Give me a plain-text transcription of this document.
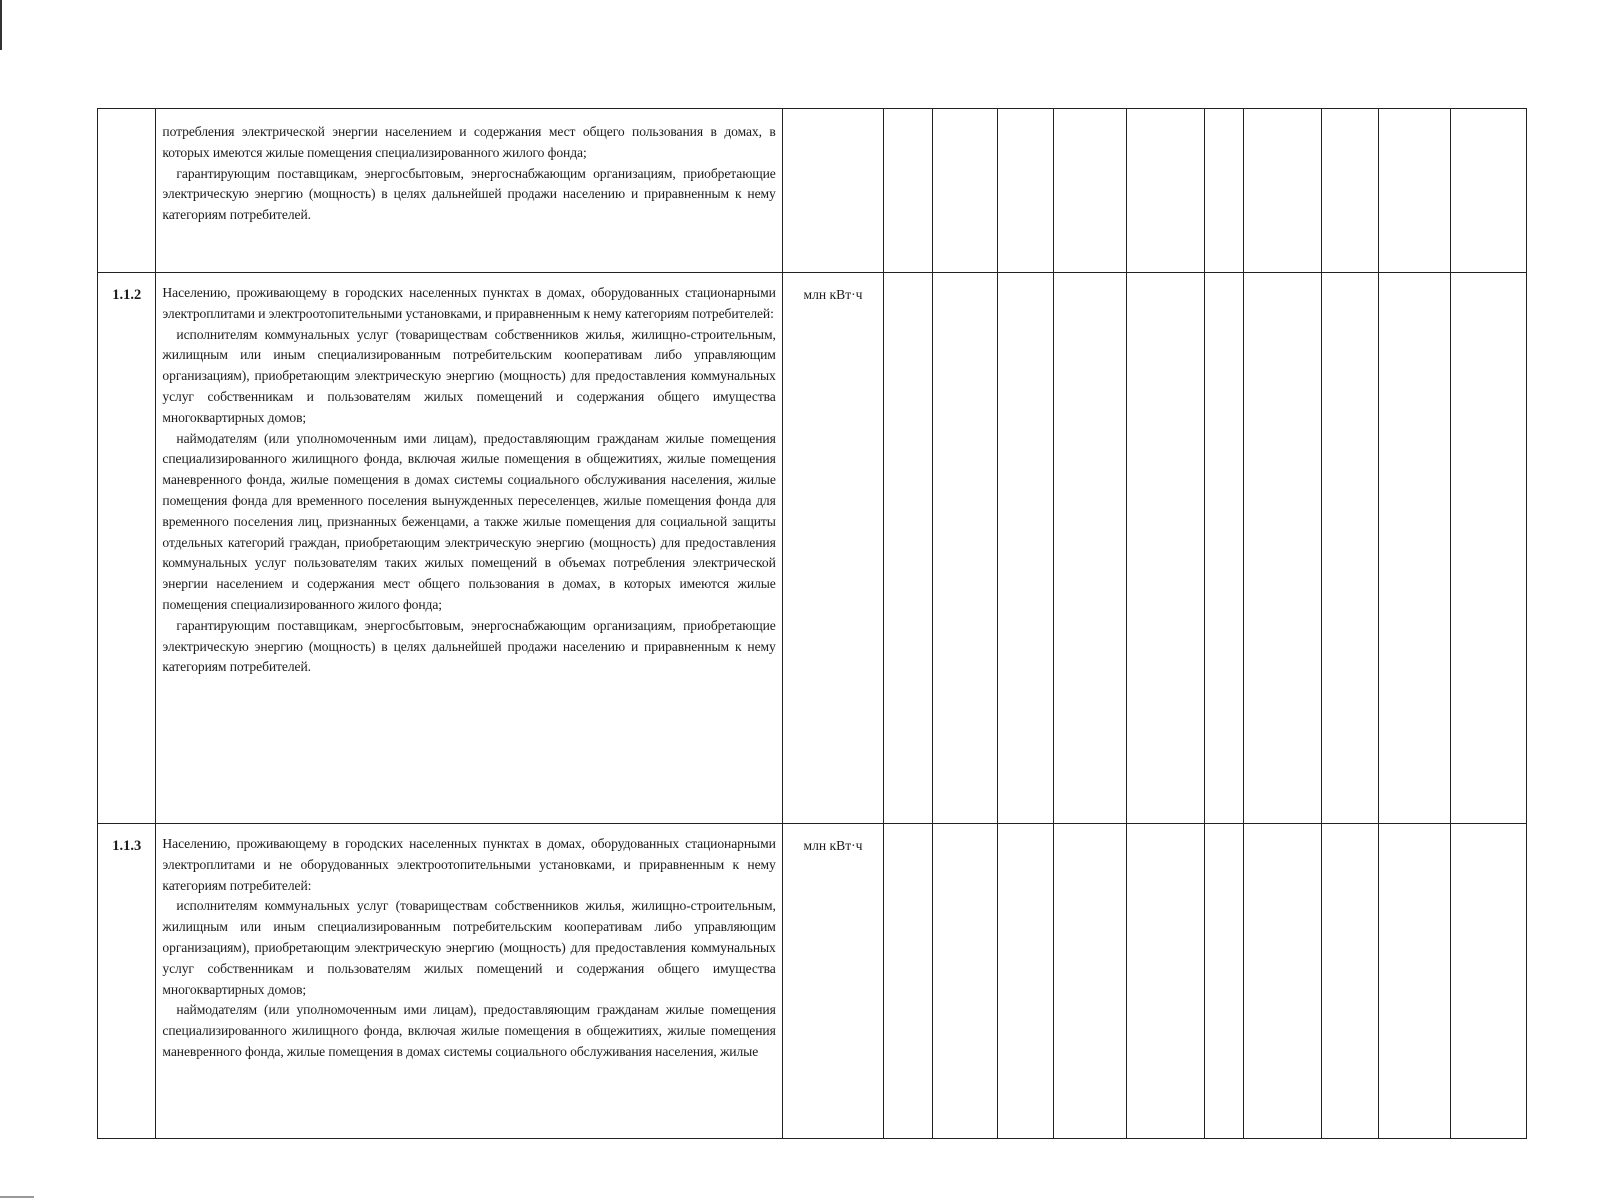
	потребления электрической энергии населением и содержания мест общего пользования в домах, в которых имеются жилые помещения специализированного жилого фонда;

гарантирующим поставщикам, энергосбытовым, энергоснабжающим организациям, приобретающие электрическую энергию (мощность) в целях дальнейшей продажи населению и приравненным к нему категориям потребителей.											

1.1.2	Населению, проживающему в городских населенных пунктах в домах, оборудованных стационарными электроплитами и электроотопительными установками, и приравненным к нему категориям потребителей:

исполнителям коммунальных услуг (товариществам собственников жилья, жилищно-строительным, жилищным или иным специализированным потребительским кооперативам либо управляющим организациям), приобретающим электрическую энергию (мощность) для предоставления коммунальных услуг собственникам и пользователям жилых помещений и содержания общего имущества многоквартирных домов;

наймодателям (или уполномоченным ими лицам), предоставляющим гражданам жилые помещения специализированного жилищного фонда, включая жилые помещения в общежитиях, жилые помещения маневренного фонда, жилые помещения в домах системы социального обслуживания населения, жилые помещения фонда для временного поселения вынужденных переселенцев, жилые помещения фонда для временного поселения лиц, признанных беженцами, а также жилые помещения для социальной защиты отдельных категорий граждан, приобретающим электрическую энергию (мощность) для предоставления коммунальных услуг пользователям таких жилых помещений в объемах потребления электрической энергии населением и содержания мест общего пользования в домах, в которых имеются жилые помещения специализированного жилого фонда;

гарантирующим поставщикам, энергосбытовым, энергоснабжающим организациям, приобретающие электрическую энергию (мощность) в целях дальнейшей продажи населению и приравненным к нему категориям потребителей.	млн кВт·ч										
1.1.3	Населению, проживающему в городских населенных пунктах в домах, оборудованных стационарными электроплитами и не оборудованных электроотопительными установками, и приравненным к нему категориям потребителей:

исполнителям коммунальных услуг (товариществам собственников жилья, жилищно-строительным, жилищным или иным специализированным потребительским кооперативам либо управляющим организациям), приобретающим электрическую энергию (мощность) для предоставления коммунальных услуг собственникам и пользователям жилых помещений и содержания общего имущества многоквартирных домов;

наймодателям (или уполномоченным ими лицам), предоставляющим гражданам жилые помещения специализированного жилищного фонда, включая жилые помещения в общежитиях, жилые помещения маневренного фонда, жилые помещения в домах системы социального обслуживания населения, жилые	млн кВт·ч										
